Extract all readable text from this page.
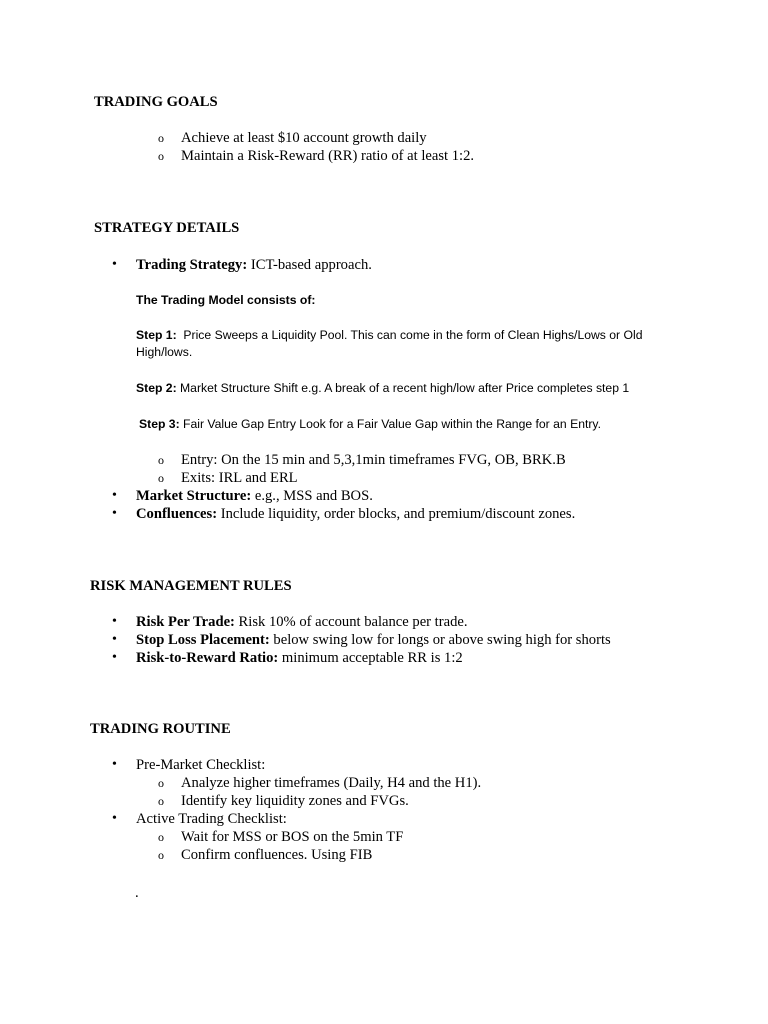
TRADING GOALS
o Achieve at least $10 account growth daily
o Maintain a Risk-Reward (RR) ratio of at least 1:2.
STRATEGY DETAILS
• Trading Strategy: ICT-based approach.
The Trading Model consists of:
Step 1:  Price Sweeps a Liquidity Pool. This can come in the form of Clean Highs/Lows or Old
High/lows.
Step 2: Market Structure Shift e.g. A break of a recent high/low after Price completes step 1
Step 3: Fair Value Gap Entry Look for a Fair Value Gap within the Range for an Entry.
o Entry: On the 15 min and 5,3,1min timeframes FVG, OB, BRK.B
o Exits: IRL and ERL
• Market Structure: e.g., MSS and BOS.
• Confluences: Include liquidity, order blocks, and premium/discount zones.
RISK MANAGEMENT RULES
• Risk Per Trade: Risk 10% of account balance per trade.
• Stop Loss Placement: below swing low for longs or above swing high for shorts
• Risk-to-Reward Ratio: minimum acceptable RR is 1:2
TRADING ROUTINE
• Pre-Market Checklist:
o Analyze higher timeframes (Daily, H4 and the H1).
o Identify key liquidity zones and FVGs.
• Active Trading Checklist:
o Wait for MSS or BOS on the 5min TF
o Confirm confluences. Using FIB
.
